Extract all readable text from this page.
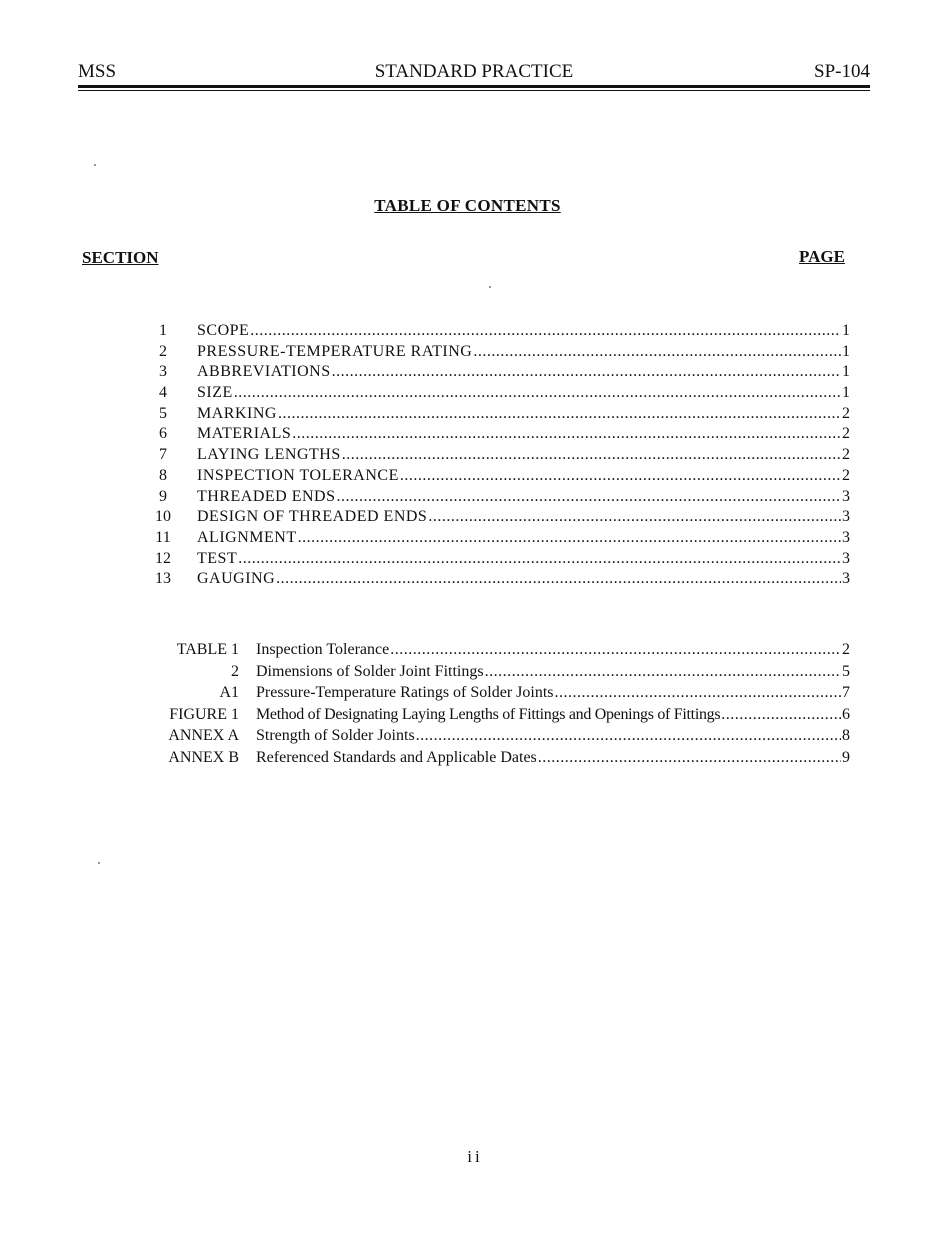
MSS	STANDARD PRACTICE	SP-104
TABLE OF CONTENTS
SECTION	PAGE
1	SCOPE .....	1
2	PRESSURE-TEMPERATURE RATING .....	1
3	ABBREVIATIONS .....	1
4	SIZE .....	1
5	MARKING .....	2
6	MATERIALS .....	2
7	LAYING LENGTHS .....	2
8	INSPECTION TOLERANCE .....	2
9	THREADED ENDS .....	3
10	DESIGN OF THREADED ENDS .....	3
11	ALIGNMENT .....	3
12	TEST .....	3
13	GAUGING .....	3
TABLE 1 Inspection Tolerance .....	2
2 Dimensions of Solder Joint Fittings .....	5
A1 Pressure-Temperature Ratings of Solder Joints .....	7
FIGURE 1 Method of Designating Laying Lengths of Fittings and Openings of Fittings .....	6
ANNEX A Strength of Solder Joints .....	8
ANNEX B Referenced Standards and Applicable Dates .....	9
ii
